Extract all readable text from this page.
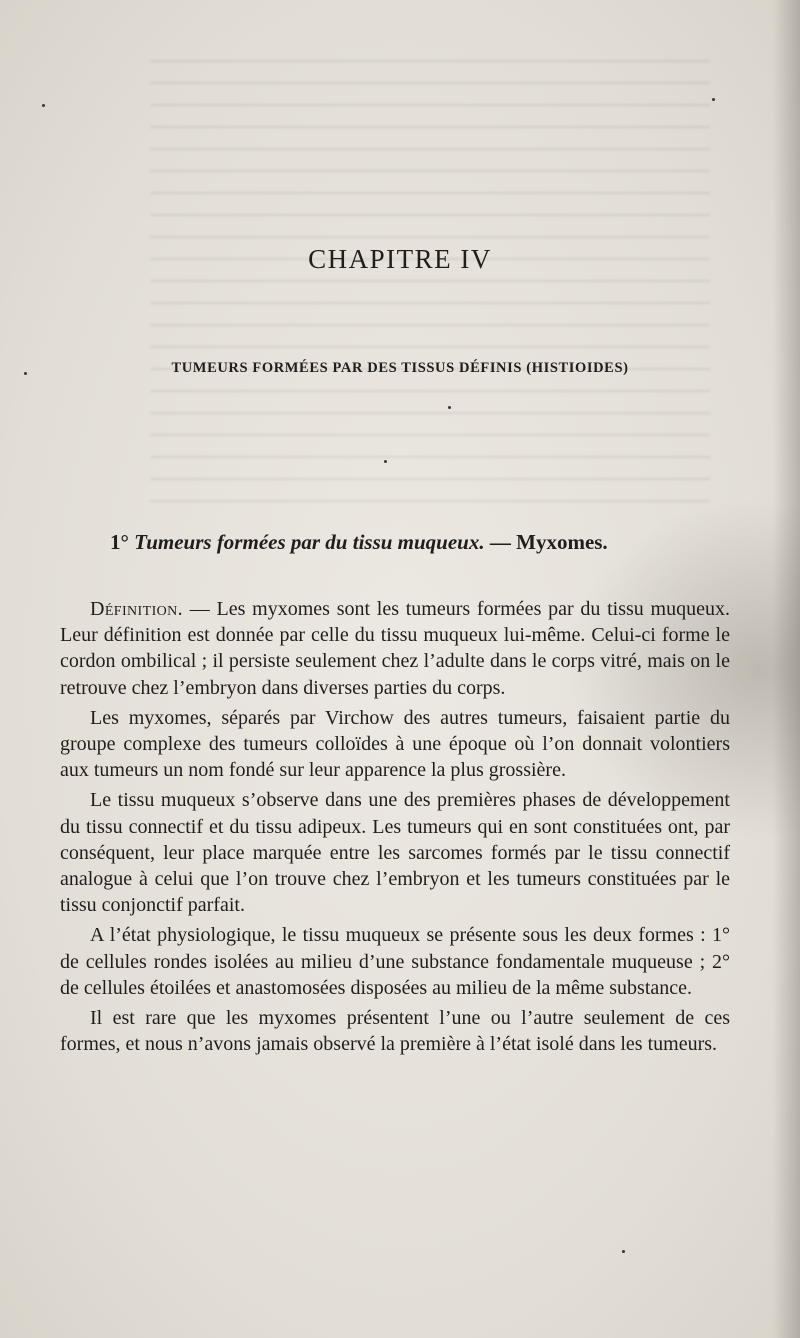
CHAPITRE IV
TUMEURS FORMÉES PAR DES TISSUS DÉFINIS (HISTIOIDES)
1° Tumeurs formées par du tissu muqueux. — Myxomes.

Définition. — Les myxomes sont les tumeurs formées par du tissu muqueux. Leur définition est donnée par celle du tissu muqueux lui-même. Celui-ci forme le cordon ombilical ; il persiste seulement chez l’adulte dans le corps vitré, mais on le retrouve chez l’embryon dans diverses parties du corps.

Les myxomes, séparés par Virchow des autres tumeurs, faisaient partie du groupe complexe des tumeurs colloïdes à une époque où l’on donnait volontiers aux tumeurs un nom fondé sur leur apparence la plus grossière.

Le tissu muqueux s’observe dans une des premières phases de développement du tissu connectif et du tissu adipeux. Les tumeurs qui en sont constituées ont, par conséquent, leur place marquée entre les sarcomes formés par le tissu connectif analogue à celui que l’on trouve chez l’embryon et les tumeurs constituées par le tissu conjonctif parfait.

A l’état physiologique, le tissu muqueux se présente sous les deux formes : 1° de cellules rondes isolées au milieu d’une substance fondamentale muqueuse ; 2° de cellules étoilées et anastomosées disposées au milieu de la même substance.

Il est rare que les myxomes présentent l’une ou l’autre seulement de ces formes, et nous n’avons jamais observé la première à l’état isolé dans les tumeurs.
